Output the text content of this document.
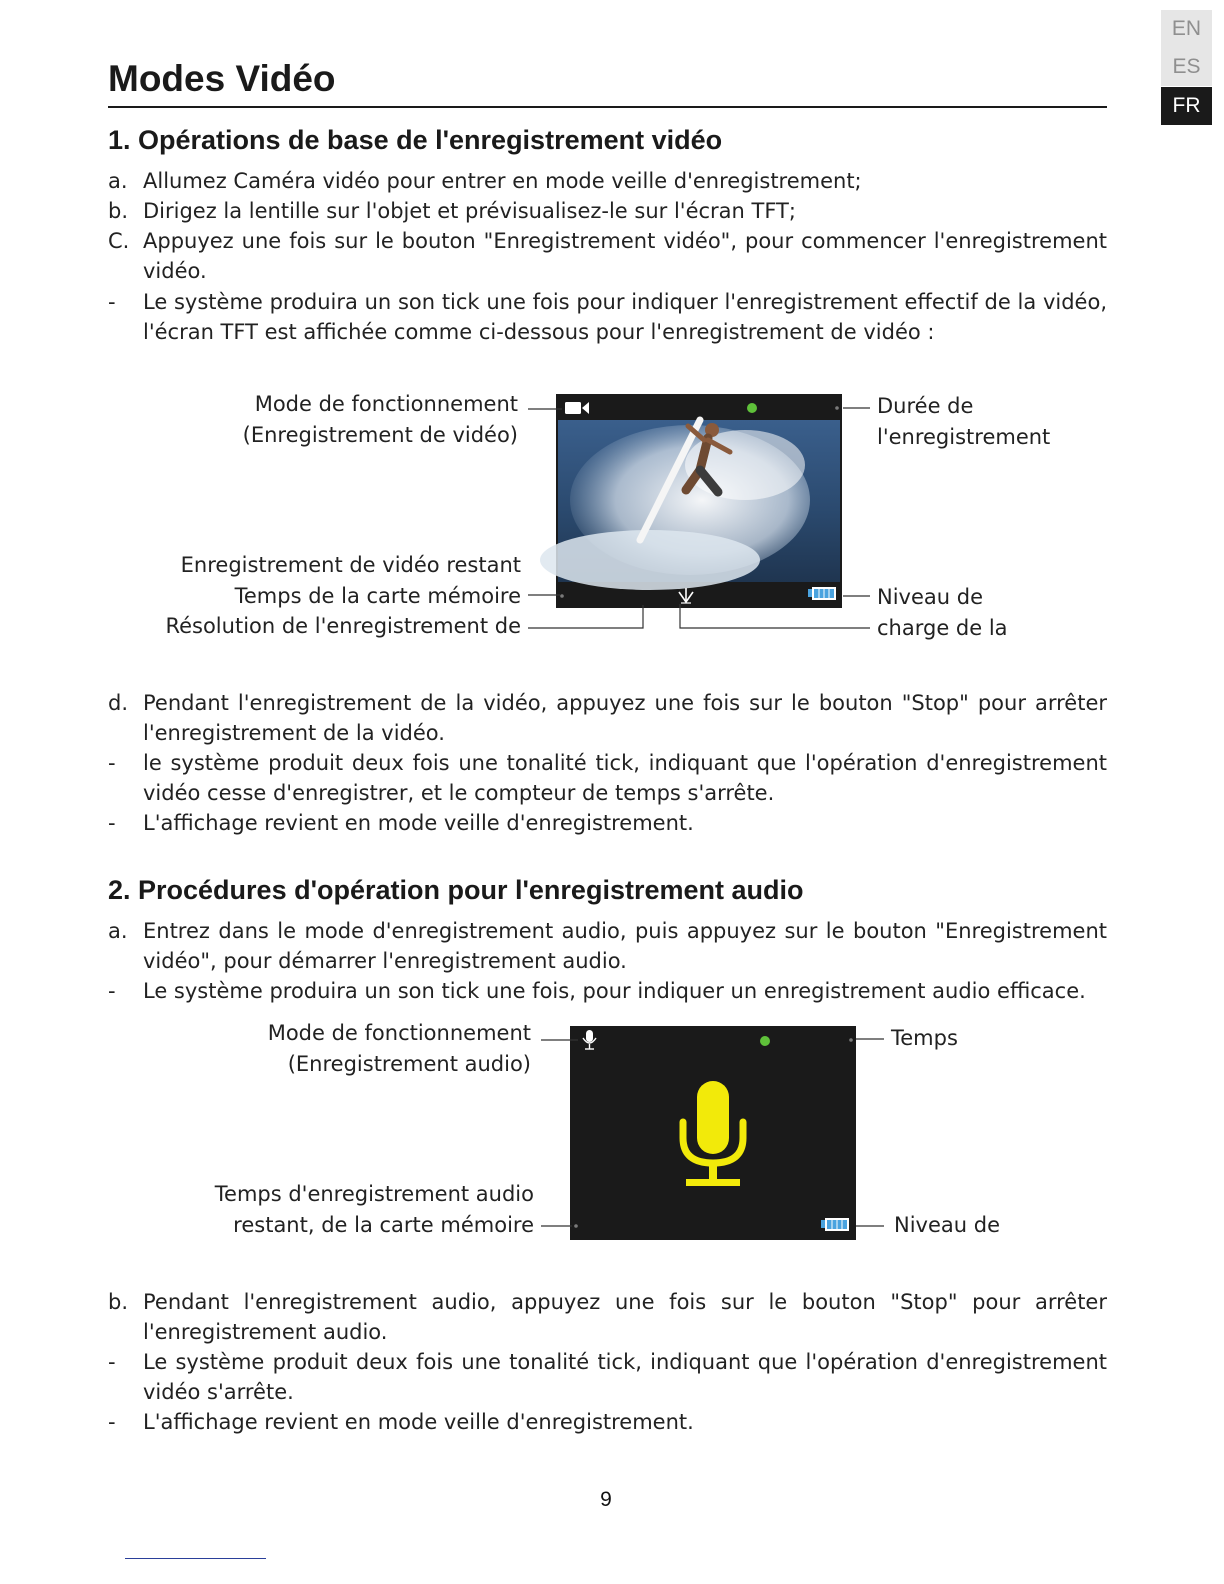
EN
ES
FR
Modes Vidéo
1. Opérations de base de l'enregistrement vidéo
a. Allumez Caméra vidéo pour entrer en mode veille d'enregistrement;
b. Dirigez la lentille sur l'objet et prévisualisez-le sur l'écran TFT;
C. Appuyez une fois sur le bouton "Enregistrement vidéo", pour commencer l'enregistrement vidéo.
- Le système produira un son tick une fois pour indiquer l'enregistrement effectif de la vidéo, l'écran TFT est affichée comme ci-dessous pour l'enregistrement de vidéo :
Mode de fonctionnement
(Enregistrement de vidéo)
Durée de
l'enregistrement
Enregistrement de vidéo restant
Temps de la carte mémoire
Résolution de l'enregistrement de
Niveau de
charge de la
d. Pendant l'enregistrement de la vidéo, appuyez une fois sur le bouton "Stop" pour arrêter l'enregistrement de la vidéo.
- le système produit deux fois une tonalité tick, indiquant que l'opération d'enregistrement vidéo cesse d'enregistrer, et le compteur de temps s'arrête.
- L'affichage revient en mode veille d'enregistrement.
2. Procédures d'opération pour l'enregistrement audio
a. Entrez dans le mode d'enregistrement audio, puis appuyez sur le bouton "Enregistrement vidéo", pour démarrer l'enregistrement audio.
- Le système produira un son tick une fois, pour indiquer un enregistrement audio efficace.
Mode de fonctionnement
(Enregistrement audio)
Temps
Temps d'enregistrement audio
restant, de la carte mémoire	Niveau de
b. Pendant l'enregistrement audio, appuyez une fois sur le bouton "Stop" pour arrêter l'enregistrement audio.
- Le système produit deux fois une tonalité tick, indiquant que l'opération d'enregistrement vidéo s'arrête.
- L'affichage revient en mode veille d'enregistrement.
9
